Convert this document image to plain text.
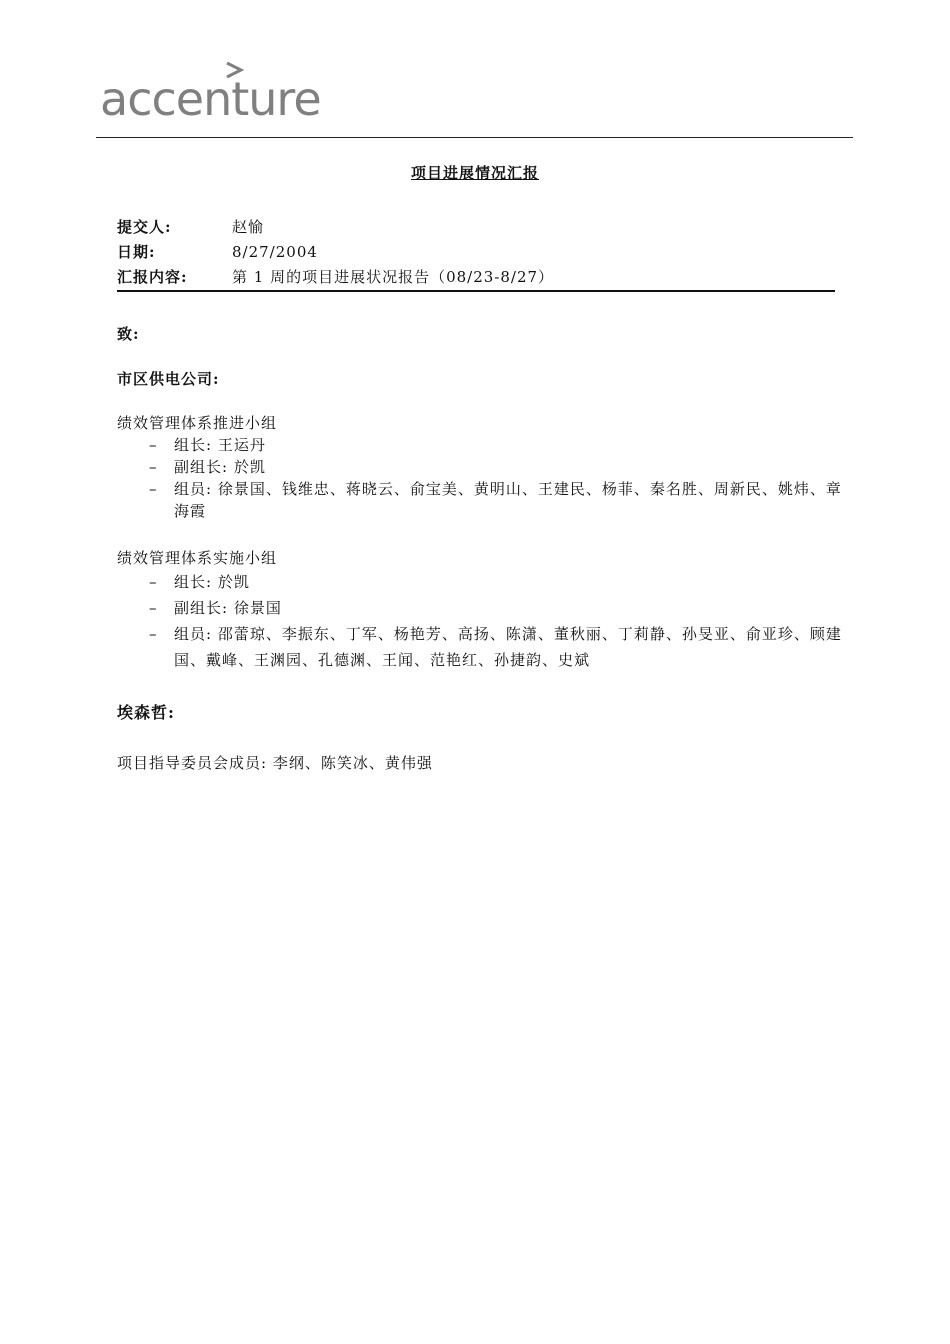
accenture
项目进展情况汇报
提交人:	赵愉
日期:	8/27/2004
汇报内容:	第 1 周的项目进展状况报告（08/23-8/27）
致:
市区供电公司:
绩效管理体系推进小组
– 组长: 王运丹
– 副组长: 於凯
– 组员: 徐景国、钱维忠、蒋晓云、俞宝美、黄明山、王建民、杨菲、秦名胜、周新民、姚炜、章海霞
绩效管理体系实施小组
– 组长: 於凯
– 副组长: 徐景国
– 组员: 邵蕾琼、李振东、丁军、杨艳芳、高扬、陈潇、董秋丽、丁莉静、孙旻亚、俞亚珍、顾建国、戴峰、王渊园、孔德渊、王闻、范艳红、孙捷韵、史斌
埃森哲:
项目指导委员会成员: 李纲、陈笑冰、黄伟强
